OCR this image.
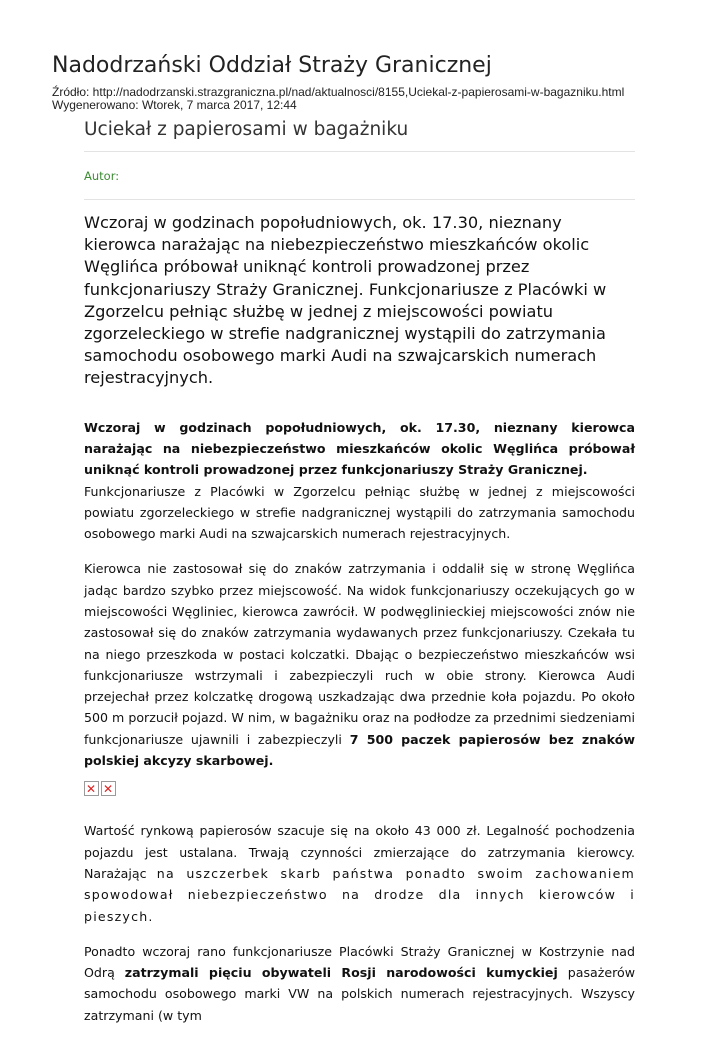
Nadodrzański Oddział Straży Granicznej
Źródło: http://nadodrzanski.strazgraniczna.pl/nad/aktualnosci/8155,Uciekal-z-papierosami-w-bagazniku.html
Wygenerowano: Wtorek, 7 marca 2017, 12:44
Uciekał z papierosami w bagażniku
Autor:
Wczoraj w godzinach popołudniowych, ok. 17.30, nieznany kierowca narażając na niebezpieczeństwo mieszkańców okolic Węglińca próbował uniknąć kontroli prowadzonej przez funkcjonariuszy Straży Granicznej. Funkcjonariusze z Placówki w Zgorzelcu pełniąc służbę w jednej z miejscowości powiatu zgorzeleckiego w strefie nadgranicznej wystąpili do zatrzymania samochodu osobowego marki Audi na szwajcarskich numerach rejestracyjnych.

Wczoraj w godzinach popołudniowych, ok. 17.30, nieznany kierowca narażając na niebezpieczeństwo mieszkańców okolic Węglińca próbował uniknąć kontroli prowadzonej przez funkcjonariuszy Straży Granicznej.

Funkcjonariusze z Placówki w Zgorzelcu pełniąc służbę w jednej z miejscowości powiatu zgorzeleckiego w strefie nadgranicznej wystąpili do zatrzymania samochodu osobowego marki Audi na szwajcarskich numerach rejestracyjnych.

Kierowca nie zastosował się do znaków zatrzymania i oddalił się w stronę Węglińca jadąc bardzo szybko przez miejscowość. Na widok funkcjonariuszy oczekujących go w miejscowości Węgliniec, kierowca zawrócił. W podwęglinieckiej miejscowości znów nie zastosował się do znaków zatrzymania wydawanych przez funkcjonariuszy. Czekała tu na niego przeszkoda w postaci kolczatki. Dbając o bezpieczeństwo mieszkańców wsi funkcjonariusze wstrzymali i zabezpieczyli ruch w obie strony. Kierowca Audi przejechał przez kolczatkę drogową uszkadzając dwa przednie koła pojazdu. Po około 500 m porzucił pojazd. W nim, w bagażniku oraz na podłodze za przednimi siedzeniami funkcjonariusze ujawnili i zabezpieczyli 7 500 paczek papierosów bez znaków polskiej akcyzy skarbowej.

✕ ✕

Wartość rynkową papierosów szacuje się na około 43 000 zł. Legalność pochodzenia pojazdu jest ustalana. Trwają czynności zmierzające do zatrzymania kierowcy. Narażając na uszczerbek skarb państwa ponadto swoim zachowaniem spowodował niebezpieczeństwo na drodze dla innych kierowców i pieszych.

Ponadto wczoraj rano funkcjonariusze Placówki Straży Granicznej w Kostrzynie nad Odrą zatrzymali pięciu obywateli Rosji narodowości kumyckiej pasażerów samochodu osobowego marki VW na polskich numerach rejestracyjnych. Wszyscy zatrzymani (w tym
